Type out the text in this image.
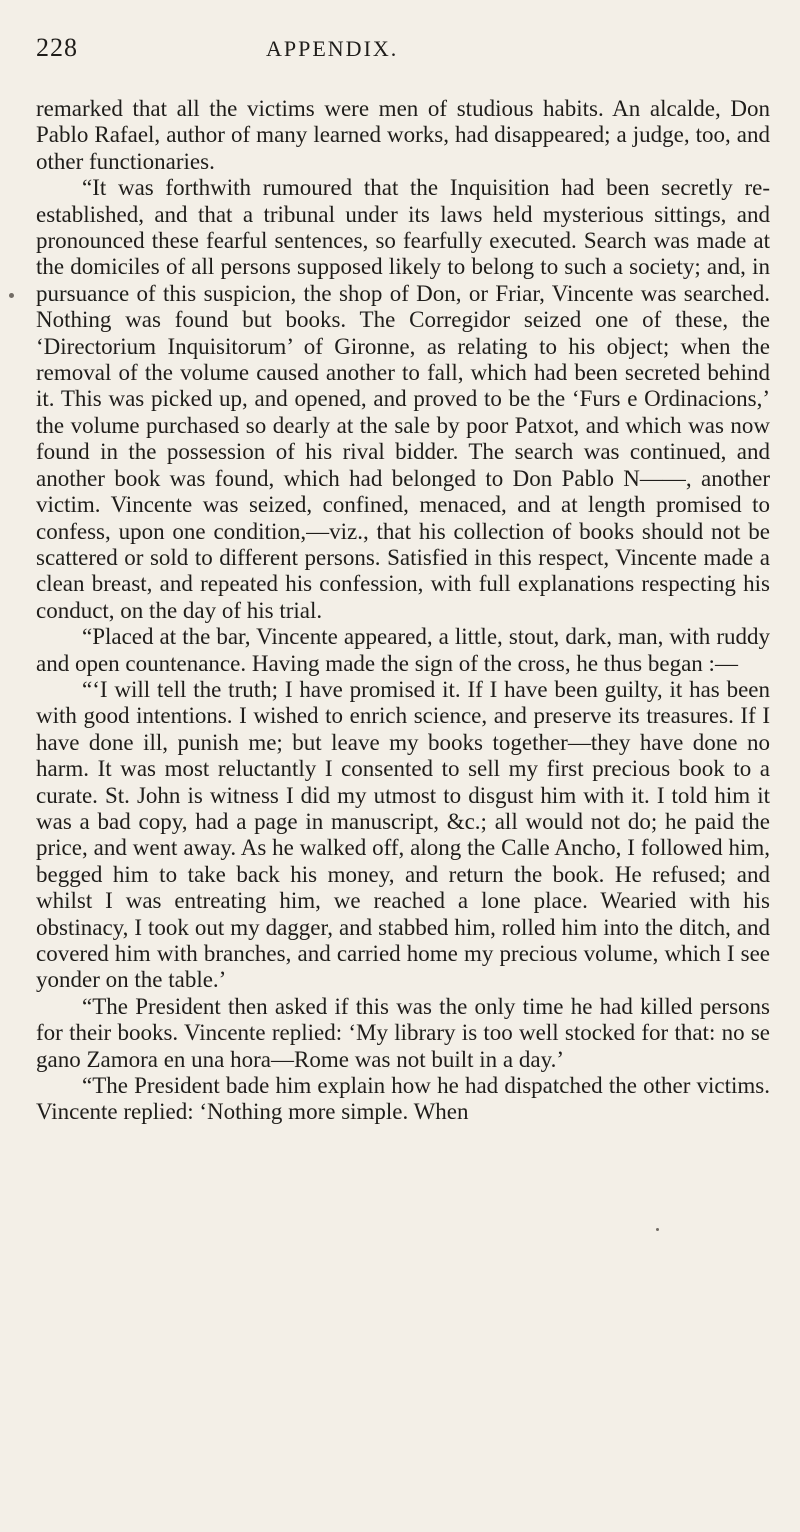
228	APPENDIX.

remarked that all the victims were men of studious habits. An alcalde, Don Pablo Rafael, author of many learned works, had disappeared; a judge, too, and other functionaries.

“It was forthwith rumoured that the Inquisition had been secretly re-established, and that a tribunal under its laws held mysterious sittings, and pronounced these fearful sentences, so fearfully executed. Search was made at the domiciles of all persons supposed likely to belong to such a society; and, in pursuance of this suspicion, the shop of Don, or Friar, Vincente was searched. Nothing was found but books. The Corregidor seized one of these, the ‘Directorium Inquisitorum’ of Gironne, as relating to his object; when the removal of the volume caused another to fall, which had been secreted behind it. This was picked up, and opened, and proved to be the ‘Furs e Ordinacions,’ the volume purchased so dearly at the sale by poor Patxot, and which was now found in the possession of his rival bidder. The search was continued, and another book was found, which had belonged to Don Pablo N——, another victim. Vincente was seized, confined, menaced, and at length promised to confess, upon one condition,—viz., that his collection of books should not be scattered or sold to different persons. Satisfied in this respect, Vincente made a clean breast, and repeated his confession, with full explanations respecting his conduct, on the day of his trial.

“Placed at the bar, Vincente appeared, a little, stout, dark, man, with ruddy and open countenance. Having made the sign of the cross, he thus began :—

“‘I will tell the truth; I have promised it. If I have been guilty, it has been with good intentions. I wished to enrich science, and preserve its treasures. If I have done ill, punish me; but leave my books together—they have done no harm. It was most reluctantly I consented to sell my first precious book to a curate. St. John is witness I did my utmost to disgust him with it. I told him it was a bad copy, had a page in manuscript, &c.; all would not do; he paid the price, and went away. As he walked off, along the Calle Ancho, I followed him, begged him to take back his money, and return the book. He refused; and whilst I was entreating him, we reached a lone place. Wearied with his obstinacy, I took out my dagger, and stabbed him, rolled him into the ditch, and covered him with branches, and carried home my precious volume, which I see yonder on the table.’

“The President then asked if this was the only time he had killed persons for their books. Vincente replied: ‘My library is too well stocked for that: no se gano Zamora en una hora—Rome was not built in a day.’

“The President bade him explain how he had dispatched the other victims. Vincente replied: ‘Nothing more simple. When
